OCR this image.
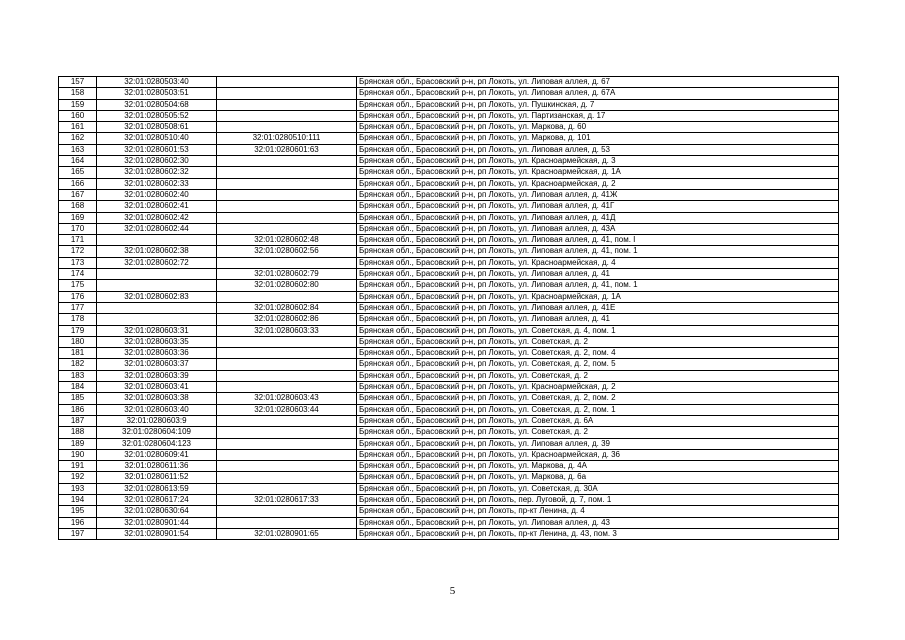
157	32:01:0280503:40		Брянская обл., Брасовский р-н, рп Локоть, ул. Липовая аллея, д. 67
158	32:01:0280503:51		Брянская обл., Брасовский р-н, рп Локоть, ул. Липовая аллея, д. 67А
159	32:01:0280504:68		Брянская обл., Брасовский р-н, рп Локоть, ул. Пушкинская, д. 7
160	32:01:0280505:52		Брянская обл., Брасовский р-н, рп Локоть, ул. Партизанская, д. 17
161	32:01:0280508:61		Брянская обл., Брасовский р-н, рп Локоть, ул. Маркова, д. 60
162	32:01:0280510:40	32:01:0280510:111	Брянская обл., Брасовский р-н, рп Локоть, ул. Маркова, д. 101
163	32:01:0280601:53	32:01:0280601:63	Брянская обл., Брасовский р-н, рп Локоть, ул. Липовая аллея, д. 53
164	32:01:0280602:30		Брянская обл., Брасовский р-н, рп Локоть, ул. Красноармейская, д. 3
165	32:01:0280602:32		Брянская обл., Брасовский р-н, рп Локоть, ул. Красноармейская, д. 1А
166	32:01:0280602:33		Брянская обл., Брасовский р-н, рп Локоть, ул. Красноармейская, д. 2
167	32:01:0280602:40		Брянская обл., Брасовский р-н, рп Локоть, ул. Липовая аллея, д. 41Ж
168	32:01:0280602:41		Брянская обл., Брасовский р-н, рп Локоть, ул. Липовая аллея, д. 41Г
169	32:01:0280602:42		Брянская обл., Брасовский р-н, рп Локоть, ул. Липовая аллея, д. 41Д
170	32:01:0280602:44		Брянская обл., Брасовский р-н, рп Локоть, ул. Липовая аллея, д. 43А
171		32:01:0280602:48	Брянская обл., Брасовский р-н, рп Локоть, ул. Липовая аллея, д. 41, пом. I
172	32:01:0280602:38	32:01:0280602:56	Брянская обл., Брасовский р-н, рп Локоть, ул. Липовая аллея, д. 41, пом. 1
173	32:01:0280602:72		Брянская обл., Брасовский р-н, рп Локоть, ул. Красноармейская, д. 4
174		32:01:0280602:79	Брянская обл., Брасовский р-н, рп Локоть, ул. Липовая аллея, д. 41
175		32:01:0280602:80	Брянская обл., Брасовский р-н, рп Локоть, ул. Липовая аллея, д. 41, пом. 1
176	32:01:0280602:83		Брянская обл., Брасовский р-н, рп Локоть, ул. Красноармейская, д. 1А
177		32:01:0280602:84	Брянская обл., Брасовский р-н, рп Локоть, ул. Липовая аллея, д. 41Е
178		32:01:0280602:86	Брянская обл., Брасовский р-н, рп Локоть, ул. Липовая аллея, д. 41
179	32:01:0280603:31	32:01:0280603:33	Брянская обл., Брасовский р-н, рп Локоть, ул. Советская, д. 4, пом. 1
180	32:01:0280603:35		Брянская обл., Брасовский р-н, рп Локоть, ул. Советская, д. 2
181	32:01:0280603:36		Брянская обл., Брасовский р-н, рп Локоть, ул. Советская, д. 2, пом. 4
182	32:01:0280603:37		Брянская обл., Брасовский р-н, рп Локоть, ул. Советская, д. 2, пом. 5
183	32:01:0280603:39		Брянская обл., Брасовский р-н, рп Локоть, ул. Советская, д. 2
184	32:01:0280603:41		Брянская обл., Брасовский р-н, рп Локоть, ул. Красноармейская, д. 2
185	32:01:0280603:38	32:01:0280603:43	Брянская обл., Брасовский р-н, рп Локоть, ул. Советская, д. 2, пом. 2
186	32:01:0280603:40	32:01:0280603:44	Брянская обл., Брасовский р-н, рп Локоть, ул. Советская, д. 2, пом. 1
187	32:01:0280603:9		Брянская обл., Брасовский р-н, рп Локоть, ул. Советская, д. 6А
188	32:01:0280604:109		Брянская обл., Брасовский р-н, рп Локоть, ул. Советская, д. 2
189	32:01:0280604:123		Брянская обл., Брасовский р-н, рп Локоть, ул. Липовая аллея, д. 39
190	32:01:0280609:41		Брянская обл., Брасовский р-н, рп Локоть, ул. Красноармейская, д. 36
191	32:01:0280611:36		Брянская обл., Брасовский р-н, рп Локоть, ул. Маркова, д. 4А
192	32:01:0280611:52		Брянская обл., Брасовский р-н, рп Локоть, ул. Маркова, д. 6а
193	32:01:0280613:59		Брянская обл., Брасовский р-н, рп Локоть, ул. Советская, д. 30А
194	32:01:0280617:24	32:01:0280617:33	Брянская обл., Брасовский р-н, рп Локоть, пер. Луговой, д. 7, пом. 1
195	32:01:0280630:64		Брянская обл., Брасовский р-н, рп Локоть, пр-кт Ленина, д. 4
196	32:01:0280901:44		Брянская обл., Брасовский р-н, рп Локоть, ул. Липовая аллея, д. 43
197	32:01:0280901:54	32:01:0280901:65	Брянская обл., Брасовский р-н, рп Локоть, пр-кт Ленина, д. 43, пом. 3
5
